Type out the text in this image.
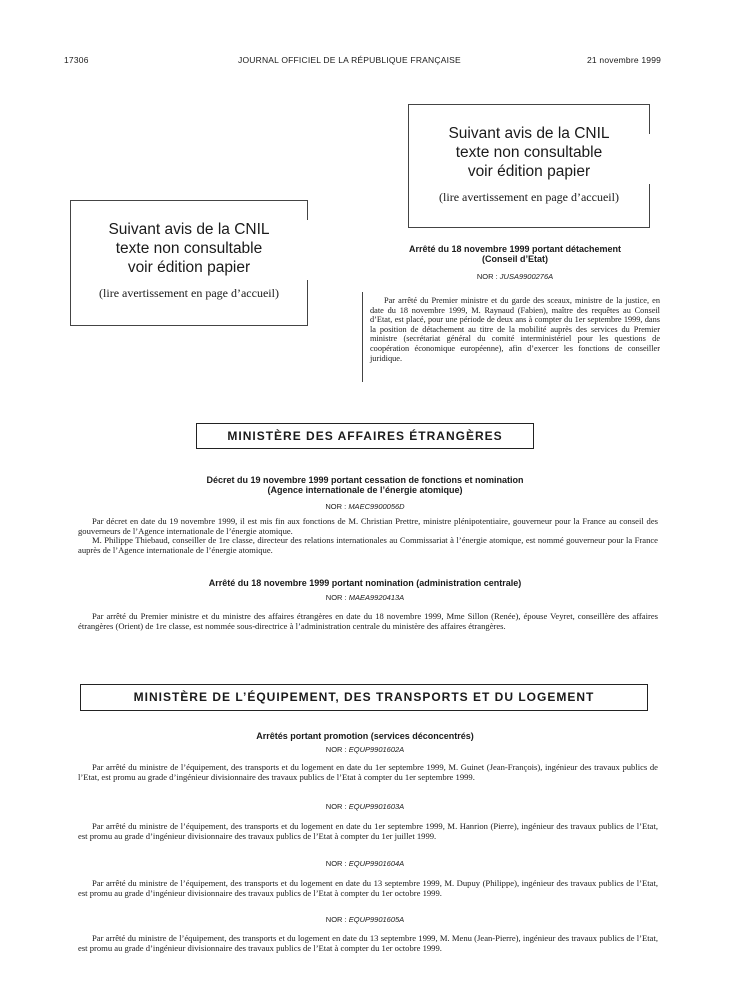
17306	JOURNAL OFFICIEL DE LA RÉPUBLIQUE FRANÇAISE	21 novembre 1999
Suivant avis de la CNIL
texte non consultable
voir édition papier
(lire avertissement en page d’accueil)
Suivant avis de la CNIL
texte non consultable
voir édition papier
(lire avertissement en page d’accueil)
Arrêté du 18 novembre 1999 portant détachement
(Conseil d’Etat)
NOR : JUSA9900276A
Par arrêté du Premier ministre et du garde des sceaux, ministre de la justice, en date du 18 novembre 1999, M. Raynaud (Fabien), maître des requêtes au Conseil d’Etat, est placé, pour une période de deux ans à compter du 1er septembre 1999, dans la position de détachement au titre de la mobilité auprès des services du Premier ministre (secrétariat général du comité interministériel pour les questions de coopération économique européenne), afin d’exercer les fonctions de conseiller juridique.
MINISTÈRE DES AFFAIRES ÉTRANGÈRES
Décret du 19 novembre 1999 portant cessation de fonctions et nomination
(Agence internationale de l’énergie atomique)
NOR : MAEC9900056D

Par décret en date du 19 novembre 1999, il est mis fin aux fonctions de M. Christian Prettre, ministre plénipotentiaire, gouverneur pour la France au conseil des gouverneurs de l’Agence internationale de l’énergie atomique.

M. Philippe Thiebaud, conseiller de 1re classe, directeur des relations internationales au Commissariat à l’énergie atomique, est nommé gouverneur pour la France auprès de l’Agence internationale de l’énergie atomique.

Arrêté du 18 novembre 1999 portant nomination (administration centrale)
NOR : MAEA9920413A
Par arrêté du Premier ministre et du ministre des affaires étrangères en date du 18 novembre 1999, Mme Sillon (Renée), épouse Veyret, conseillère des affaires étrangères (Orient) de 1re classe, est nommée sous-directrice à l’administration centrale du ministère des affaires étrangères.
MINISTÈRE DE L’ÉQUIPEMENT, DES TRANSPORTS ET DU LOGEMENT
Arrêtés portant promotion (services déconcentrés)
NOR : EQUP9901602A
Par arrêté du ministre de l’équipement, des transports et du logement en date du 1er septembre 1999, M. Guinet (Jean-François), ingénieur des travaux publics de l’Etat, est promu au grade d’ingénieur divisionnaire des travaux publics de l’Etat à compter du 1er septembre 1999.
NOR : EQUP9901603A
Par arrêté du ministre de l’équipement, des transports et du logement en date du 1er septembre 1999, M. Hanrion (Pierre), ingénieur des travaux publics de l’Etat, est promu au grade d’ingénieur divisionnaire des travaux publics de l’Etat à compter du 1er juillet 1999.
NOR : EQUP9901604A
Par arrêté du ministre de l’équipement, des transports et du logement en date du 13 septembre 1999, M. Dupuy (Philippe), ingénieur des travaux publics de l’Etat, est promu au grade d’ingénieur divisionnaire des travaux publics de l’Etat à compter du 1er octobre 1999.
NOR : EQUP9901605A
Par arrêté du ministre de l’équipement, des transports et du logement en date du 13 septembre 1999, M. Menu (Jean-Pierre), ingénieur des travaux publics de l’Etat, est promu au grade d’ingénieur divisionnaire des travaux publics de l’Etat à compter du 1er octobre 1999.
